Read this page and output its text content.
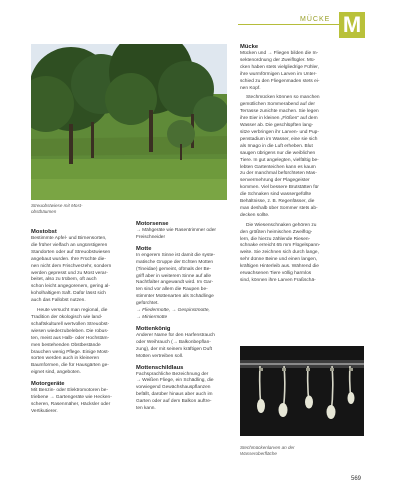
MÜCKE M
Streuobstwiese mit Most-
obstbäumen
Mostobst

Bestimmte Apfel- und Birnensorten,
die früher vielfach an ungünstigeren
Standorten oder auf Streuobstwiesen
angebaut wurden. Ihre Früchte die-
nen nicht dem Frischverzehr, sondern
werden gepresst und zu Most verar-
beitet, also zu trübem, oft auch
schon leicht angegorenem, gering al-
koholhaltigem Saft. Dafür lässt sich
auch das Fallobst nutzen.

Heute versucht man regional, die
Tradition der ökologisch wie land-
schaftskulturell wertvollen Streuobst-
wiesen wiederzubeleben. Die robus-
ten, meist aus Halb- oder Hochstäm-
men bestehenden Obstbestände
brauchen wenig Pflege. Einige Most-
sorten werden auch in kleineren
Baumformen, die für Hausgärten ge-
eignet sind, angeboten.

Motorgeräte

Mit Benzin- oder Elektromotoren be-
triebene → Gartengeräte wie Hecken-
scheren, Rasenmäher, Häcksler oder
Vertikutierer.

Motorsense

→ Mähgeräte wie Rasentrimmer oder
Freischneider

Motte

In engerem Sinne ist damit die syste-
matische Gruppe der Echten Motten
(Tineidae) gemeint, oftmals der Be-
griff aber in weiterem Sinne auf alle
Nachtfalter angewandt wird. Im Gar-
ten sind vor allem die Raupen be-
stimmter Mottenarten als Schädlinge
gefürchtet.
→ Fliedermotte, → Gespinstmotte,
→ Miniermotte

Mottenkönig

Anderer Name für den Harfenstrauch
oder Weihrauch (→ Balkonbepflan-
zung), der mit seinem kräftigen Duft
Motten vertreiben soll.

Mottenschildlaus

Fachsprachliche Bezeichnung der
→ Weißen Fliege, ein Schädling, die
vorwiegend Gewächshauspflanzen
befällt, darüber hinaus aber auch im
Garten oder auf dem Balkon auftre-
ten kann.

Mücke

Mücken und → Fliegen bilden die In-
sektenordnung der Zweiflügler. Mü-
cken haben stets vielgliedrige Fühler,
ihre wurmförmigen Larven im Unter-
schied zu den Fliegenmaden stets ei-
nen Kopf.

Stechmücken können so manchen
gemütlichen Sommerabend auf der
Terrasse zunichte machen. Sie legen
ihre Eier in kleinen „Flößen“ auf dem
Wasser ab. Die geschlüpften lang-
sitze verbringen ihr Larven- und Pup-
penstadium im Wasser, eine sie sich
als Imago in die Luft erheben. Blut
saugen übrigens nur die weiblichen
Tiere. In gut angelegten, vielfältig be-
lebten Gartenteichen kann es kaum
zu der manchmal befürchteten Mas-
senvermehrung der Plagegeister
kommen. Viel bessere Brutstätten für
die Schnaken sind wassergefüllte
Behältnisse, z. B. Regenfässer, die
man deshalb über Sommer stets ab-
decken sollte.

Die Wiesenschnaken gehören zu
den größten heimischen Zweiflüg-
lern, die hierzu zählende Riesen-
schnake erreicht 65 mm Flügelspann-
weite. Sie zeichnen sich durch lange,
sehr dünne Beine und einen langen,
kräftigen Hinterleib aus. Während die
erwachsenen Tiere völlig harmlos
sind, können ihre Larven Fraßschä-

Stechmückenlarven an der
Wasseroberfläche
569
